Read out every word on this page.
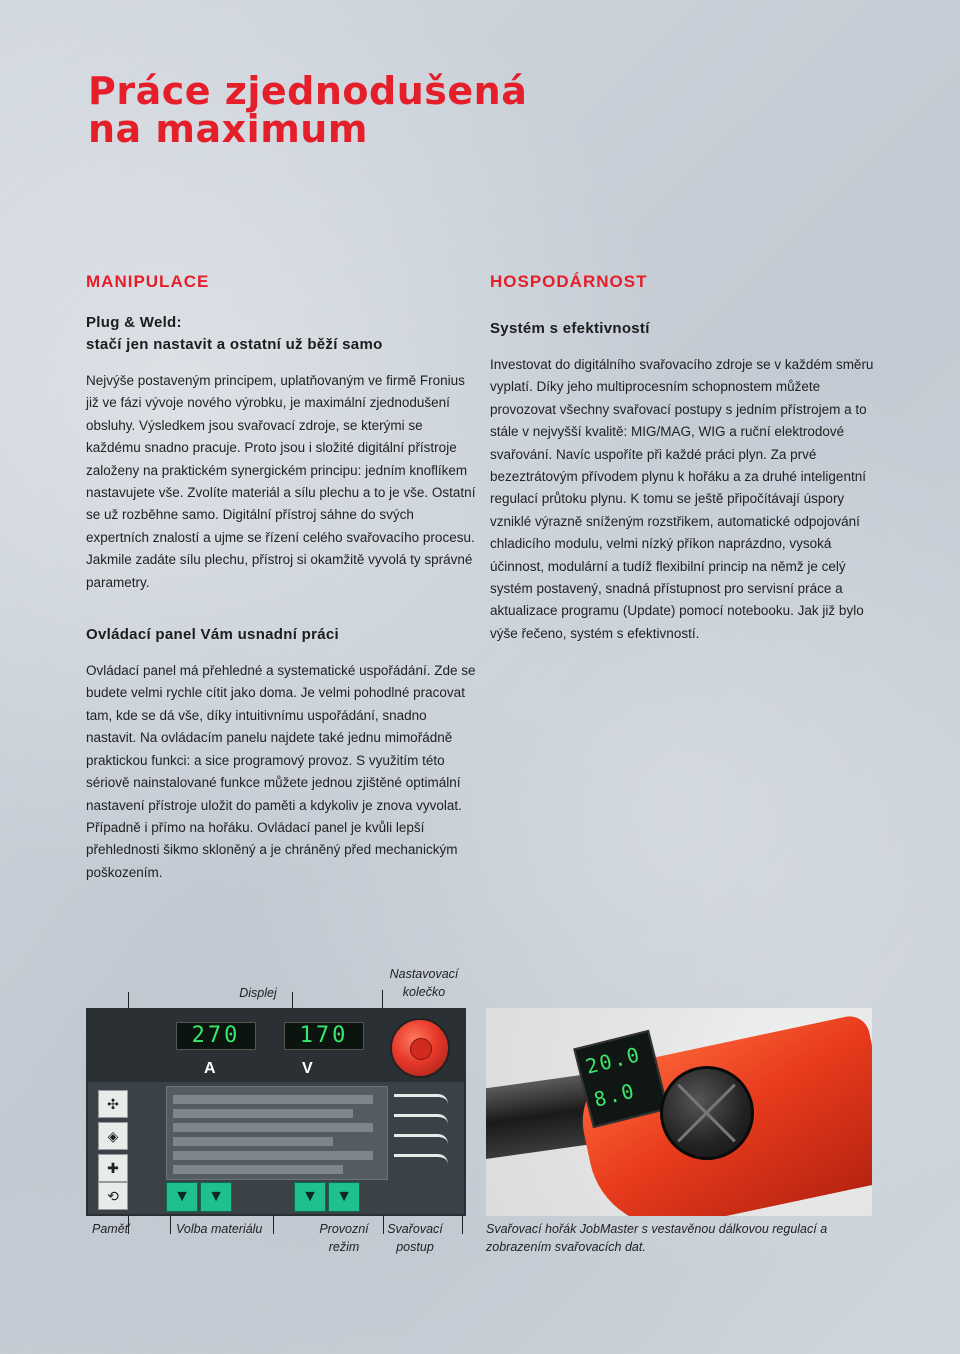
Práce zjednodušená
na maximum
MANIPULACE
Plug & Weld:
stačí jen nastavit a ostatní už běží samo

Nejvýše postaveným principem, uplatňovaným ve firmě Fronius již ve fázi vývoje nového výrobku, je maximální zjednodušení obsluhy. Výsledkem jsou svařovací zdroje, se kterými se každému snadno pracuje. Proto jsou i složité digitální přístroje založeny na praktickém synergickém principu: jedním knoflíkem nastavujete vše. Zvolíte materiál a sílu plechu a to je vše. Ostatní se už rozběhne samo. Digitální přístroj sáhne do svých expertních znalostí a ujme se řízení celého svařovacího procesu. Jakmile zadáte sílu plechu, přístroj si okamžitě vyvolá ty správné parametry.

Ovládací panel Vám usnadní práci

Ovládací panel má přehledné a systematické uspořádání. Zde se budete velmi rychle cítit jako doma. Je velmi pohodlné pracovat tam, kde se dá vše, díky intuitivnímu uspořádání, snadno nastavit. Na ovládacím panelu najdete také jednu mimořádně praktickou funkci: a sice programový provoz. S využitím této sériově nainstalované funkce můžete jednou zjištěné optimální nastavení přístroje uložit do paměti a kdykoliv je znova vyvolat. Případně i přímo na hořáku. Ovládací panel je kvůli lepší přehlednosti šikmo skloněný a je chráněný před mechanickým poškozením.

HOSPODÁRNOST
Systém s efektivností

Investovat do digitálního svařovacího zdroje se v každém směru vyplatí. Díky jeho multiprocesním schopnostem můžete provozovat všechny svařovací postupy s jedním přístrojem a to stále v nejvyšší kvalitě: MIG/MAG, WIG a ruční elektrodové svařování. Navíc uspoříte při každé práci plyn. Za prvé bezeztrátovým přívodem plynu k hořáku a za druhé inteligentní regulací průtoku plynu. K tomu se ještě připočítávají úspory vzniklé výrazně sníženým rozstřikem, automatické odpojování chladicího modulu, velmi nízký příkon naprázdno, vysoká účinnost, modulární a tudíž flexibilní princip na němž je celý systém postavený, snadná přístupnost pro servisní práce a aktualizace programu (Update) pomocí notebooku. Jak již bylo výše řečeno, systém s efektivností.

Displej
Nastavovací
kolečko
270	170
A	V
✣
◈
✚
⟲	▼	▼	▼	▼
Paměť	Volba materiálu	Provozní
režim
Svařovací
postup
20.0
8.0
Svařovací hořák JobMaster s vestavěnou dálkovou regulací a
zobrazením svařovacích dat.
